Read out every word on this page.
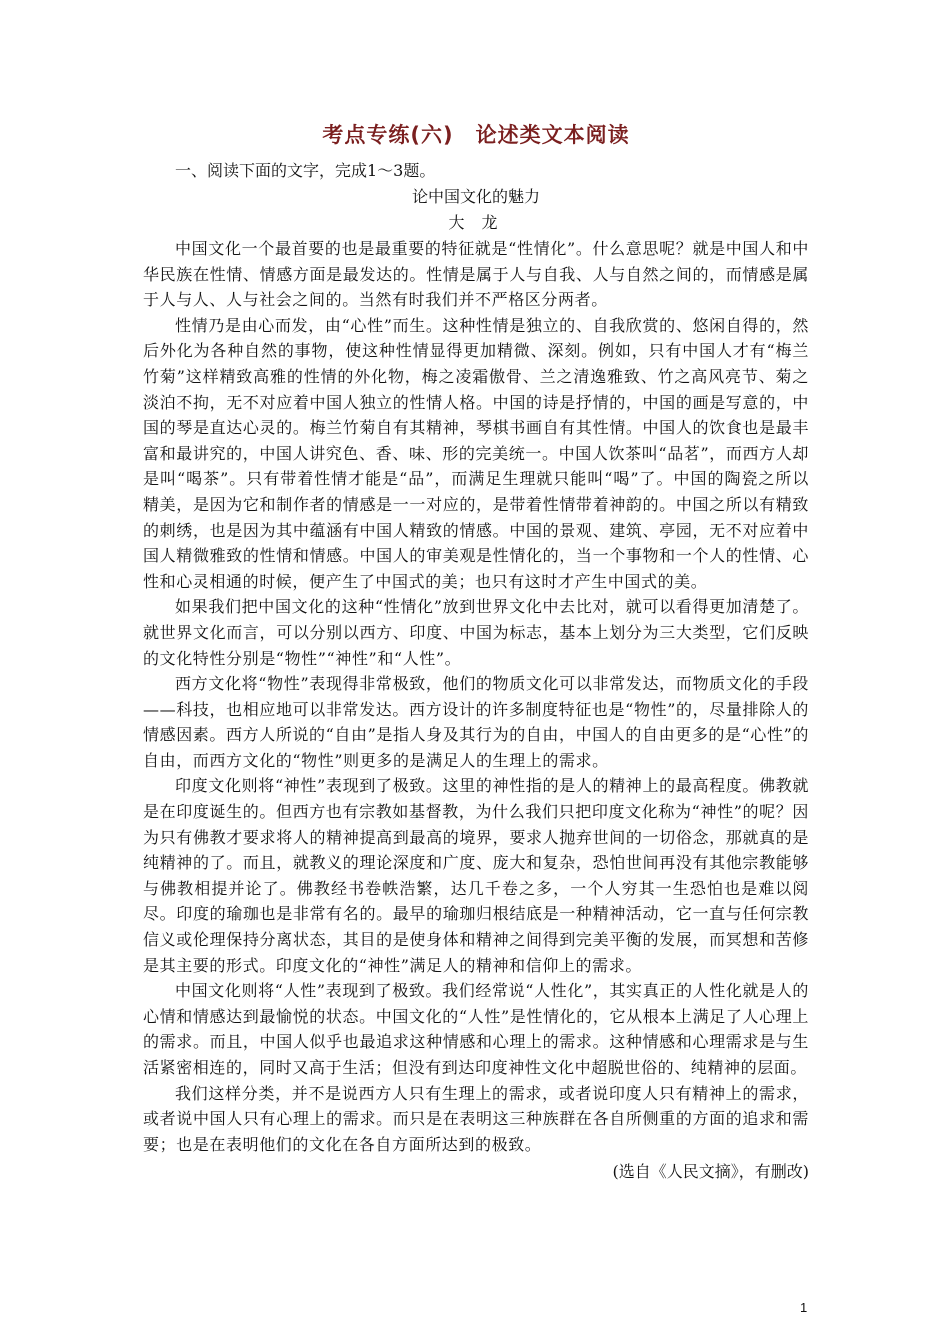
考点专练(六)　论述类文本阅读

一、阅读下面的文字，完成1～3题。

论中国文化的魅力

大 龙

中国文化一个最首要的也是最重要的特征就是“性情化”。什么意思呢？就是中国人和中华民族在性情、情感方面是最发达的。性情是属于人与自我、人与自然之间的，而情感是属于人与人、人与社会之间的。当然有时我们并不严格区分两者。

性情乃是由心而发，由“心性”而生。这种性情是独立的、自我欣赏的、悠闲自得的，然后外化为各种自然的事物，使这种性情显得更加精微、深刻。例如，只有中国人才有“梅兰竹菊”这样精致高雅的性情的外化物，梅之凌霜傲骨、兰之清逸雅致、竹之高风亮节、菊之淡泊不拘，无不对应着中国人独立的性情人格。中国的诗是抒情的，中国的画是写意的，中国的琴是直达心灵的。梅兰竹菊自有其精神，琴棋书画自有其性情。中国人的饮食也是最丰富和最讲究的，中国人讲究色、香、味、形的完美统一。中国人饮茶叫“品茗”，而西方人却是叫“喝茶”。只有带着性情才能是“品”，而满足生理就只能叫“喝”了。中国的陶瓷之所以精美，是因为它和制作者的情感是一一对应的，是带着性情带着神韵的。中国之所以有精致的刺绣，也是因为其中蕴涵有中国人精致的情感。中国的景观、建筑、亭园，无不对应着中国人精微雅致的性情和情感。中国人的审美观是性情化的，当一个事物和一个人的性情、心性和心灵相通的时候，便产生了中国式的美；也只有这时才产生中国式的美。

如果我们把中国文化的这种“性情化”放到世界文化中去比对，就可以看得更加清楚了。就世界文化而言，可以分别以西方、印度、中国为标志，基本上划分为三大类型，它们反映的文化特性分别是“物性”“神性”和“人性”。

西方文化将“物性”表现得非常极致，他们的物质文化可以非常发达，而物质文化的手段——科技，也相应地可以非常发达。西方设计的许多制度特征也是“物性”的，尽量排除人的情感因素。西方人所说的“自由”是指人身及其行为的自由，中国人的自由更多的是“心性”的自由，而西方文化的“物性”则更多的是满足人的生理上的需求。

印度文化则将“神性”表现到了极致。这里的神性指的是人的精神上的最高程度。佛教就是在印度诞生的。但西方也有宗教如基督教，为什么我们只把印度文化称为“神性”的呢？因为只有佛教才要求将人的精神提高到最高的境界，要求人抛弃世间的一切俗念，那就真的是纯精神的了。而且，就教义的理论深度和广度、庞大和复杂，恐怕世间再没有其他宗教能够与佛教相提并论了。佛教经书卷帙浩繁，达几千卷之多，一个人穷其一生恐怕也是难以阅尽。印度的瑜珈也是非常有名的。最早的瑜珈归根结底是一种精神活动，它一直与任何宗教信义或伦理保持分离状态，其目的是使身体和精神之间得到完美平衡的发展，而冥想和苦修是其主要的形式。印度文化的“神性”满足人的精神和信仰上的需求。

中国文化则将“人性”表现到了极致。我们经常说“人性化”，其实真正的人性化就是人的心情和情感达到最愉悦的状态。中国文化的“人性”是性情化的，它从根本上满足了人心理上的需求。而且，中国人似乎也最追求这种情感和心理上的需求。这种情感和心理需求是与生活紧密相连的，同时又高于生活；但没有到达印度神性文化中超脱世俗的、纯精神的层面。

我们这样分类，并不是说西方人只有生理上的需求，或者说印度人只有精神上的需求，或者说中国人只有心理上的需求。而只是在表明这三种族群在各自所侧重的方面的追求和需要；也是在表明他们的文化在各自方面所达到的极致。

(选自《人民文摘》，有删改)

1
